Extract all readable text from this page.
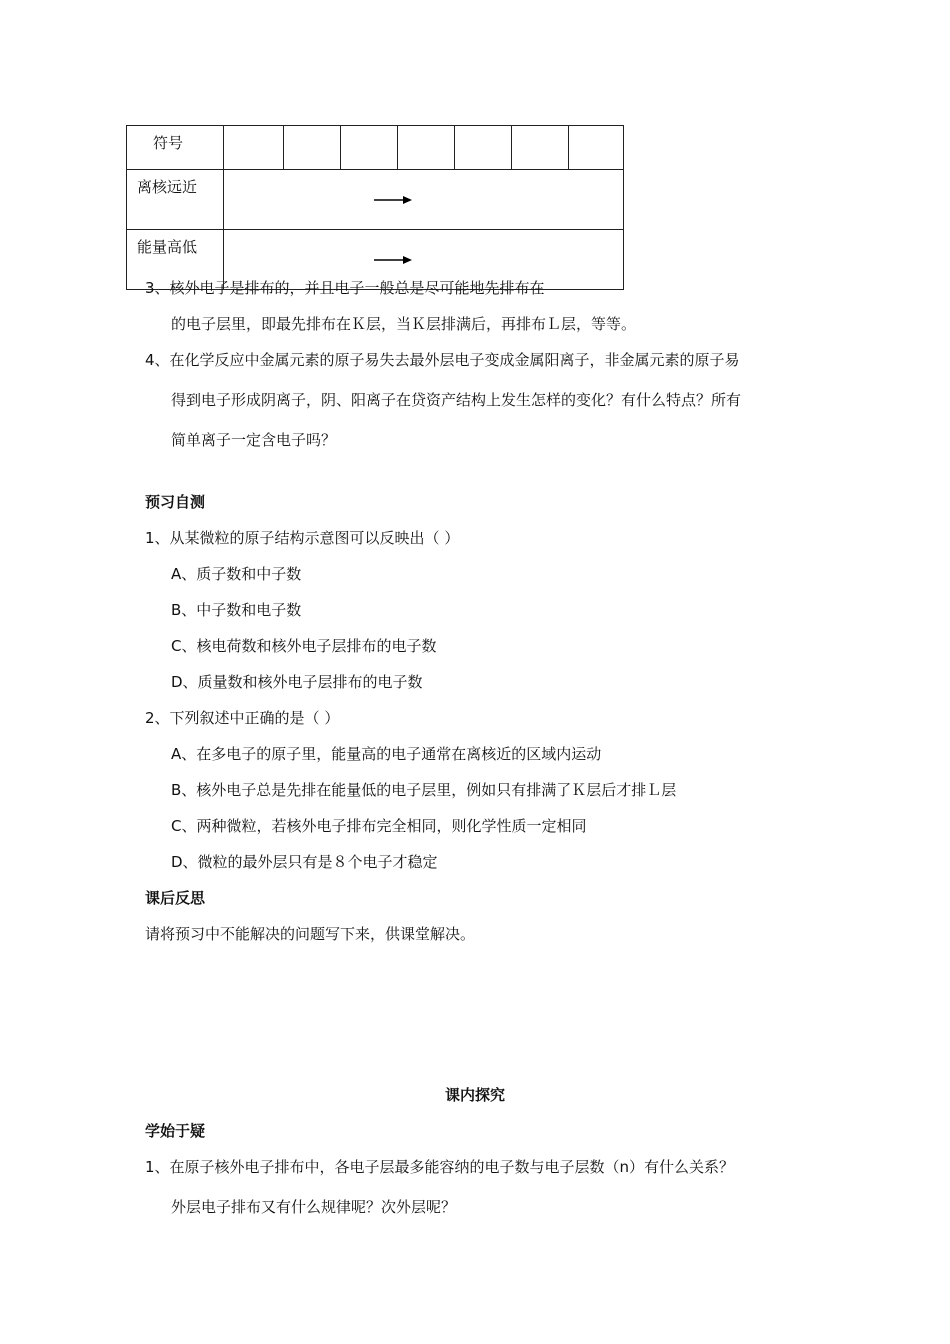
符号							

离核远近

能量高低

3、核外电子是排布的，并且电子一般总是尽可能地先排布在
的电子层里，即最先排布在Ｋ层，当Ｋ层排满后，再排布Ｌ层，等等。
4、在化学反应中金属元素的原子易失去最外层电子变成金属阳离子，非金属元素的原子易
得到电子形成阴离子，阴、阳离子在贷资产结构上发生怎样的变化？有什么特点？所有
简单离子一定含电子吗？
预习自测
1、从某微粒的原子结构示意图可以反映出（ ）
A、质子数和中子数
B、中子数和电子数
C、核电荷数和核外电子层排布的电子数
D、质量数和核外电子层排布的电子数
2、下列叙述中正确的是（ ）
A、在多电子的原子里，能量高的电子通常在离核近的区域内运动
B、核外电子总是先排在能量低的电子层里，例如只有排满了Ｋ层后才排Ｌ层
C、两种微粒，若核外电子排布完全相同，则化学性质一定相同
D、微粒的最外层只有是８个电子才稳定
课后反思
请将预习中不能解决的问题写下来，供课堂解决。
课内探究
学始于疑
1、在原子核外电子排布中，各电子层最多能容纳的电子数与电子层数（n）有什么关系？
外层电子排布又有什么规律呢？次外层呢？
